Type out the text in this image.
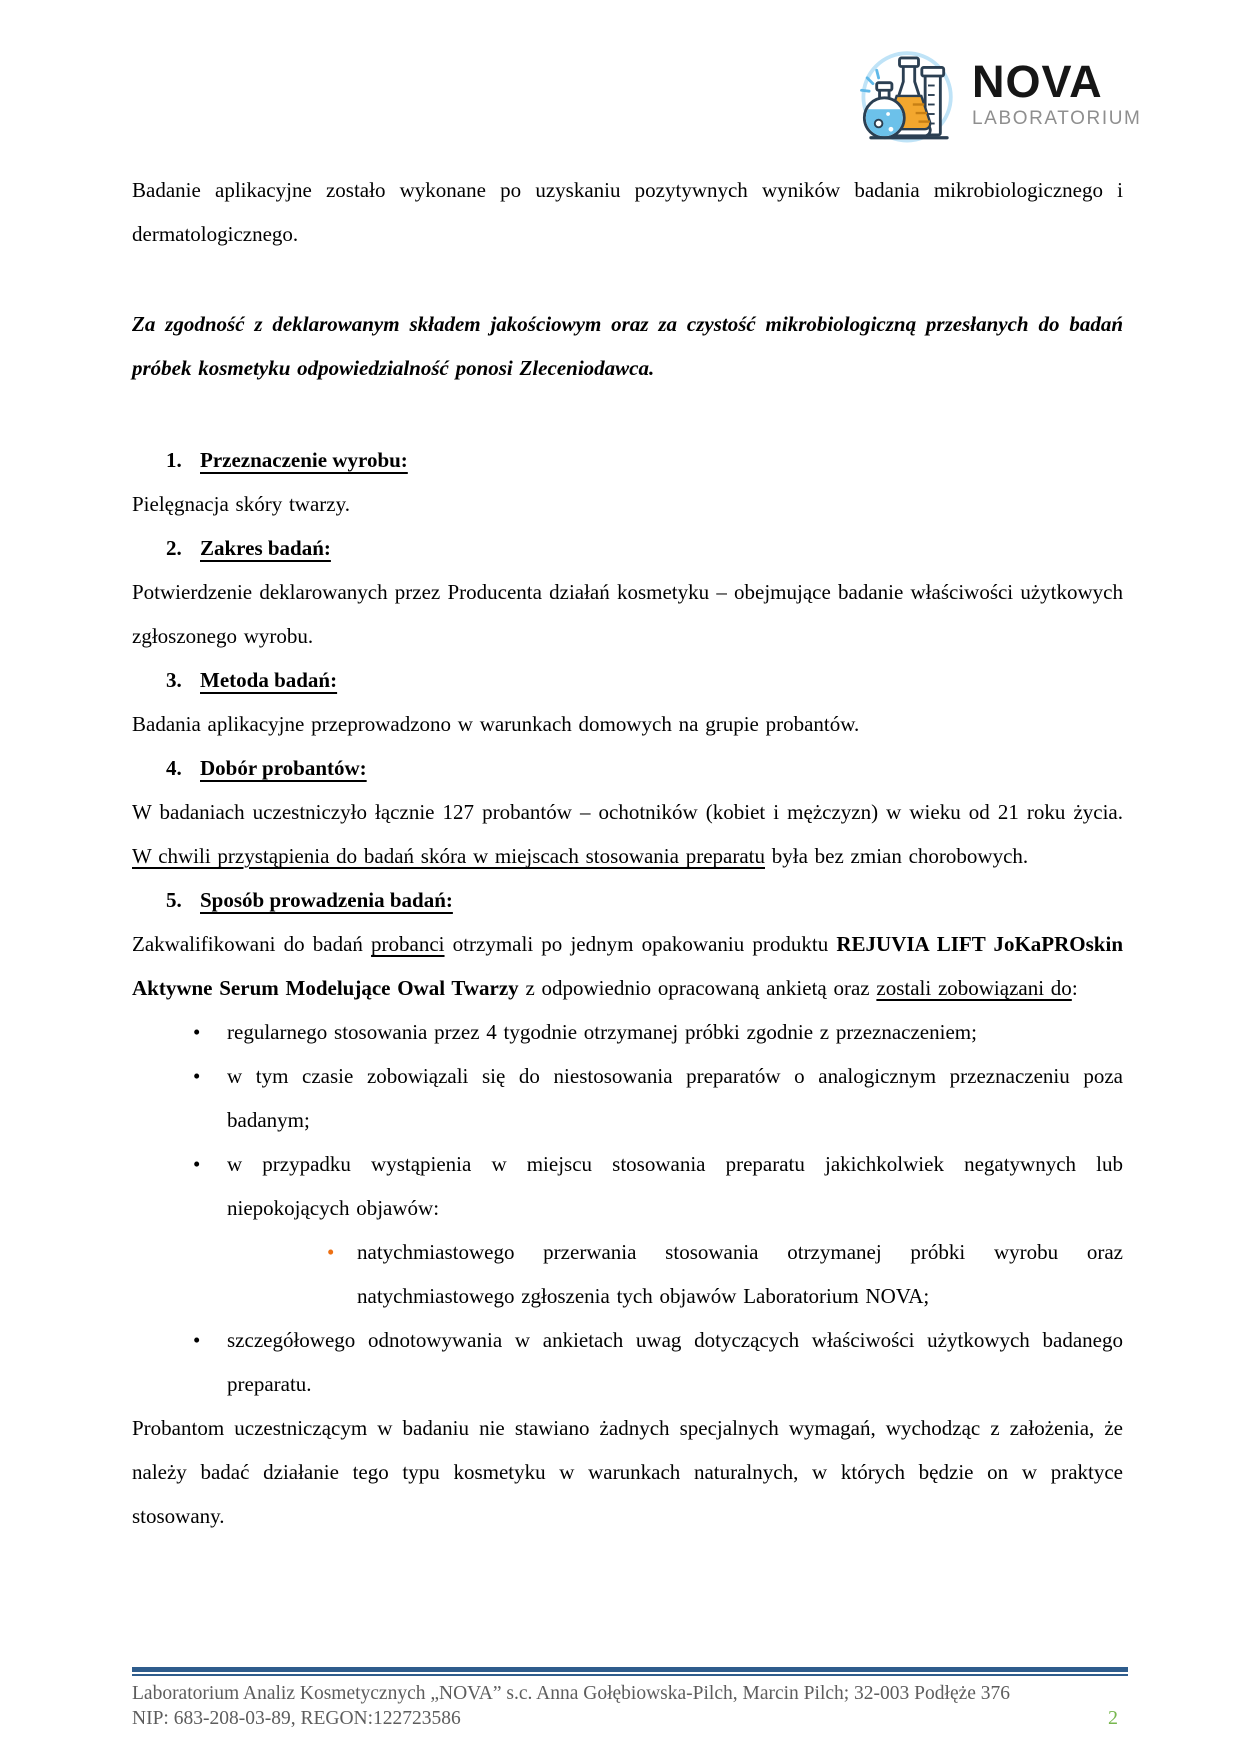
NOVA
LABORATORIUM

Badanie aplikacyjne zostało wykonane po uzyskaniu pozytywnych wyników badania mikrobiologicznego i dermatologicznego.

Za zgodność z deklarowanym składem jakościowym oraz za czystość mikrobiologiczną przesłanych do badań próbek kosmetyku odpowiedzialność ponosi Zleceniodawca.

1. Przeznaczenie wyrobu:

Pielęgnacja skóry twarzy.

2. Zakres badań:

Potwierdzenie deklarowanych przez Producenta działań kosmetyku – obejmujące badanie właściwości użytkowych zgłoszonego wyrobu.

3. Metoda badań:

Badania aplikacyjne przeprowadzono w warunkach domowych na grupie probantów.

4. Dobór probantów:

W badaniach uczestniczyło łącznie 127 probantów – ochotników (kobiet i mężczyzn) w wieku od 21 roku życia. W chwili przystąpienia do badań skóra w miejscach stosowania preparatu była bez zmian chorobowych.

5. Sposób prowadzenia badań:

Zakwalifikowani do badań probanci otrzymali po jednym opakowaniu produktu REJUVIA LIFT JoKaPROskin Aktywne Serum Modelujące Owal Twarzy z odpowiednio opracowaną ankietą oraz zostali zobowiązani do:

•	regularnego stosowania przez 4 tygodnie otrzymanej próbki zgodnie z przeznaczeniem;
•	w tym czasie zobowiązali się do niestosowania preparatów o analogicznym przeznaczeniu poza badanym;
•	w przypadku wystąpienia w miejscu stosowania preparatu jakichkolwiek negatywnych lub niepokojących objawów:
•	natychmiastowego przerwania stosowania otrzymanej próbki wyrobu oraz natychmiastowego zgłoszenia tych objawów Laboratorium NOVA;
•	szczegółowego odnotowywania w ankietach uwag dotyczących właściwości użytkowych badanego preparatu.

Probantom uczestniczącym w badaniu nie stawiano żadnych specjalnych wymagań, wychodząc z założenia, że należy badać działanie tego typu kosmetyku w warunkach naturalnych, w których będzie on w praktyce stosowany.

Laboratorium Analiz Kosmetycznych „NOVA” s.c. Anna Gołębiowska-Pilch, Marcin Pilch; 32-003 Podłęże 376
NIP: 683-208-03-89, REGON:122723586	2
